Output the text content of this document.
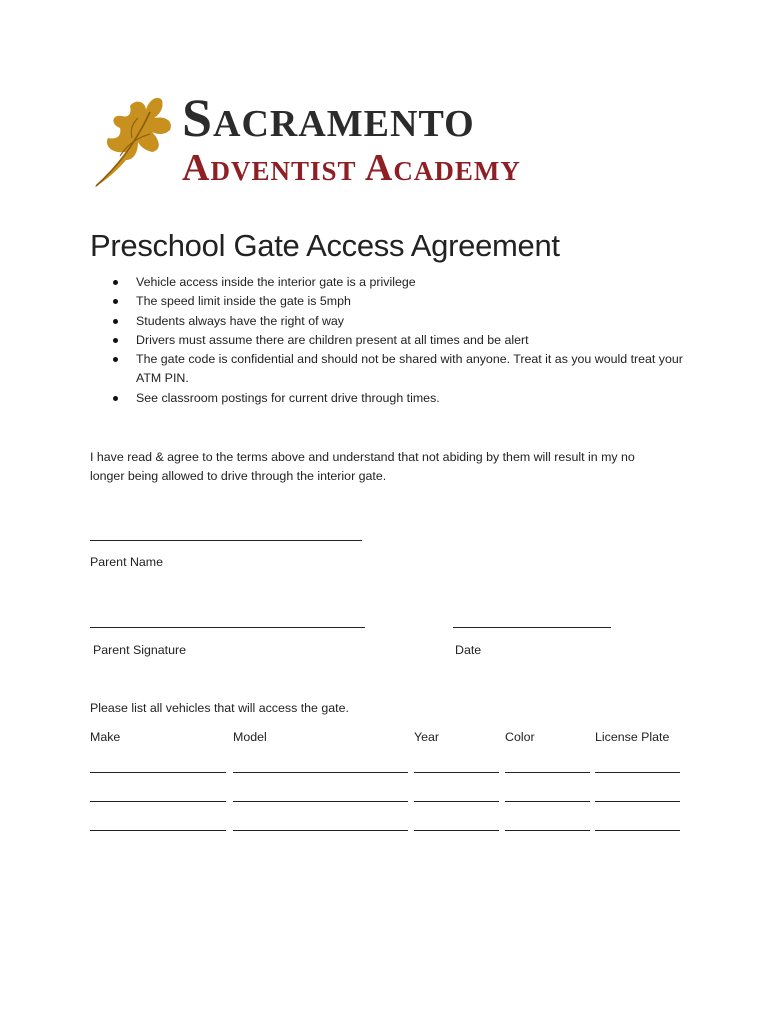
Sacramento
Adventist Academy
Preschool Gate Access Agreement
Vehicle access inside the interior gate is a privilege
The speed limit inside the gate is 5mph
Students always have the right of way
Drivers must assume there are children present at all times and be alert
The gate code is confidential and should not be shared with anyone. Treat it as you would treat your ATM PIN.
See classroom postings for current drive through times.
I have read & agree to the terms above and understand that not abiding by them will result in my no longer being allowed to drive through the interior gate.
Parent Name
Parent Signature	Date
Please list all vehicles that will access the gate.
Make	Model	Year	Color	License Plate
